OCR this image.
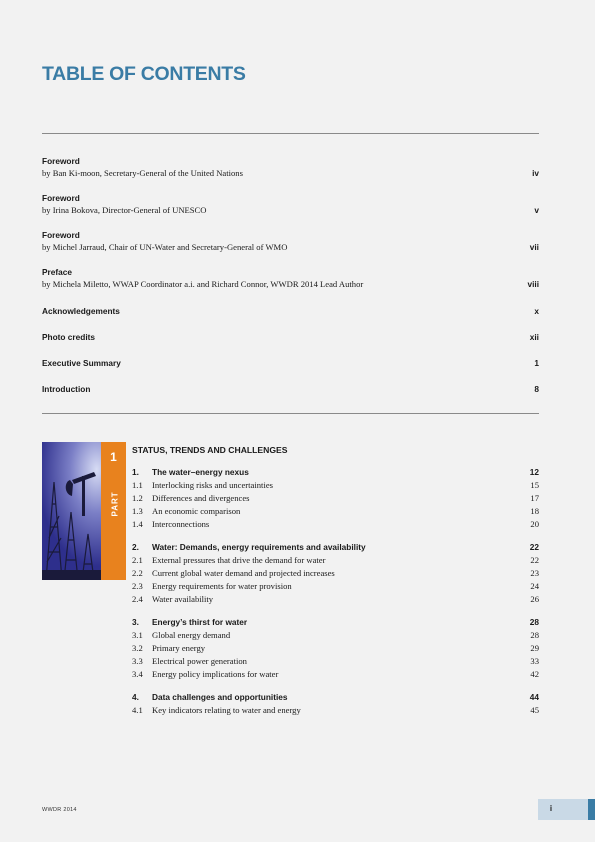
TABLE OF CONTENTS
Foreword
by Ban Ki-moon, Secretary-General of the United Nations	iv
Foreword
by Irina Bokova, Director-General of UNESCO	v
Foreword
by Michel Jarraud, Chair of UN-Water and Secretary-General of WMO	vii
Preface
by Michela Miletto, WWAP Coordinator a.i. and Richard Connor, WWDR 2014 Lead Author	viii
Acknowledgements	x
Photo credits	xii
Executive Summary	1
Introduction	8
1
PART
STATUS, TRENDS AND CHALLENGES
1.	The water–energy nexus	12
1.1	Interlocking risks and uncertainties	15
1.2	Differences and divergences	17
1.3	An economic comparison	18
1.4	Interconnections	20
2.	Water: Demands, energy requirements and availability	22
2.1	External pressures that drive the demand for water	22
2.2	Current global water demand and projected increases	23
2.3	Energy requirements for water provision	24
2.4	Water availability	26
3.	Energy’s thirst for water	28
3.1	Global energy demand	28
3.2	Primary energy	29
3.3	Electrical power generation	33
3.4	Energy policy implications for water	42
4.	Data challenges and opportunities	44
4.1	Key indicators relating to water and energy	45
WWDR 2014	i
